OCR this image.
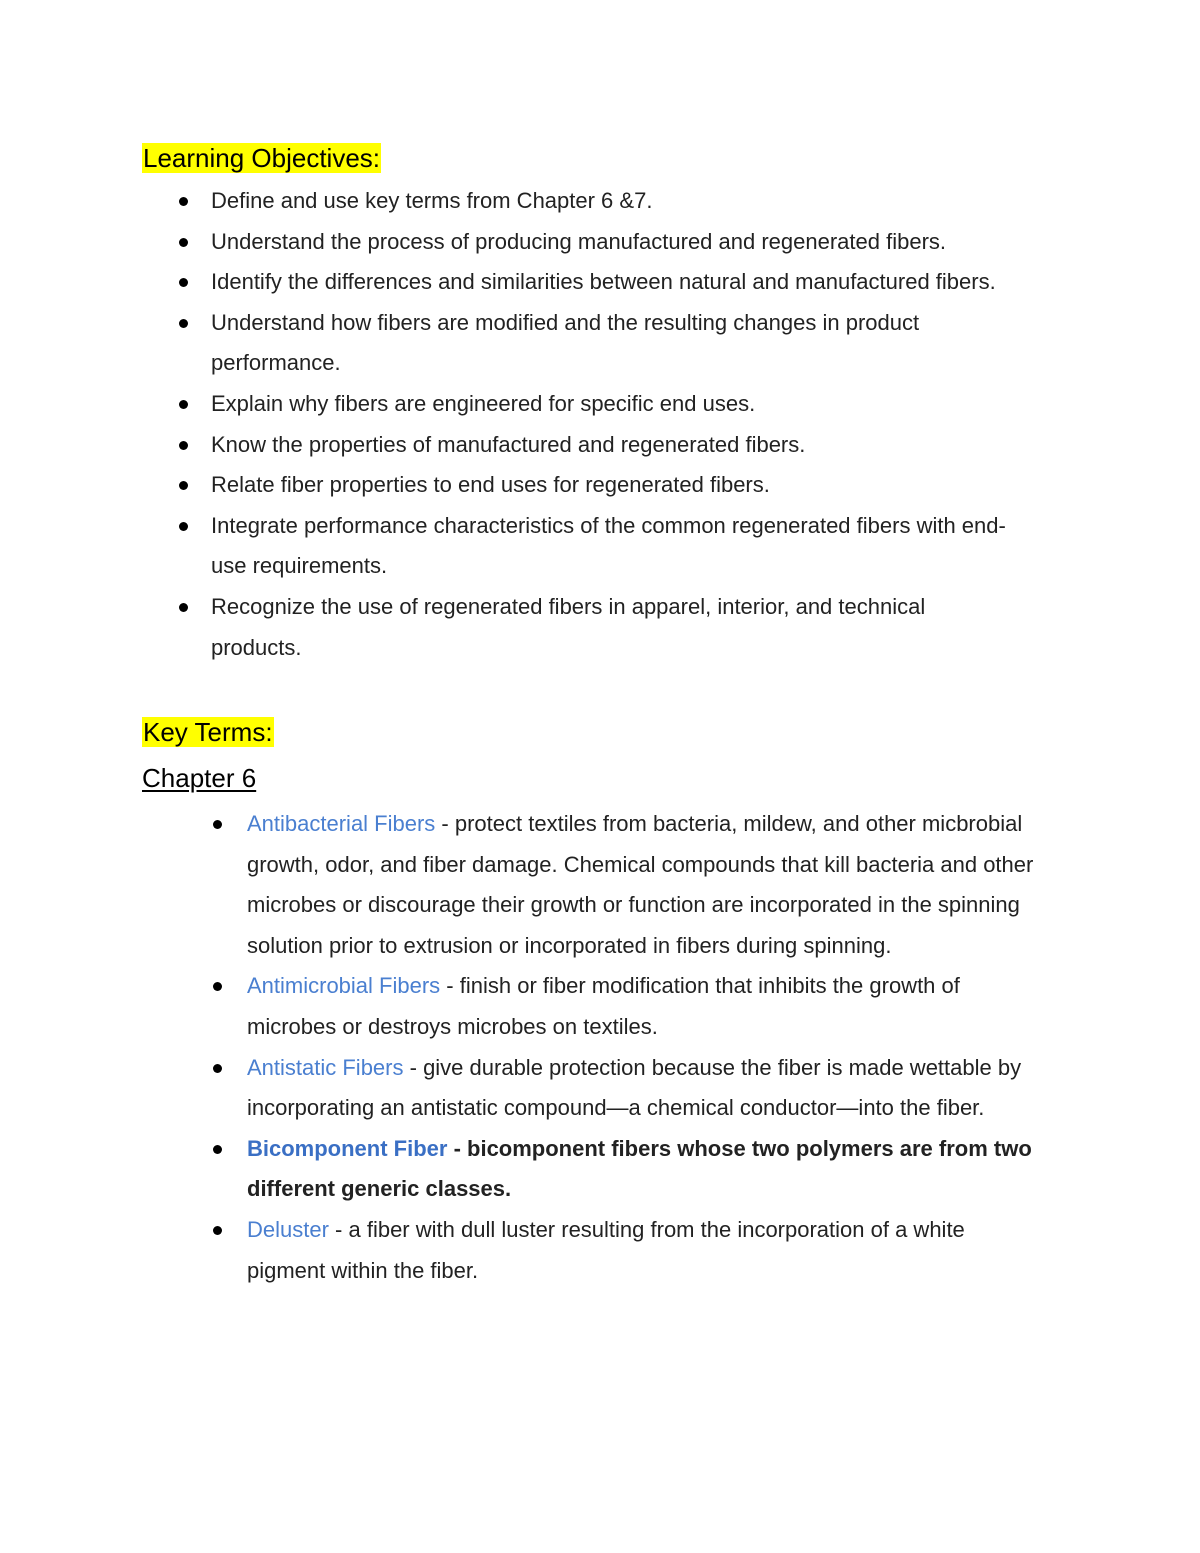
Learning Objectives:
Define and use key terms from Chapter 6 &7.
Understand the process of producing manufactured and regenerated fibers.
Identify the differences and similarities between natural and manufactured fibers.
Understand how fibers are modified and the resulting changes in product performance.
Explain why fibers are engineered for specific end uses.
Know the properties of manufactured and regenerated fibers.
Relate fiber properties to end uses for regenerated fibers.
Integrate performance characteristics of the common regenerated fibers with end-use requirements.
Recognize the use of regenerated fibers in apparel, interior, and technical products.
Key Terms:
Chapter 6
Antibacterial Fibers - protect textiles from bacteria, mildew, and other micbrobial growth, odor, and fiber damage. Chemical compounds that kill bacteria and other microbes or discourage their growth or function are incorporated in the spinning solution prior to extrusion or incorporated in fibers during spinning.
Antimicrobial Fibers - finish or fiber modification that inhibits the growth of microbes or destroys microbes on textiles.
Antistatic Fibers - give durable protection because the fiber is made wettable by incorporating an antistatic compound—a chemical conductor—into the fiber.
Bicomponent Fiber - bicomponent fibers whose two polymers are from two different generic classes.
Deluster - a fiber with dull luster resulting from the incorporation of a white pigment within the fiber.
